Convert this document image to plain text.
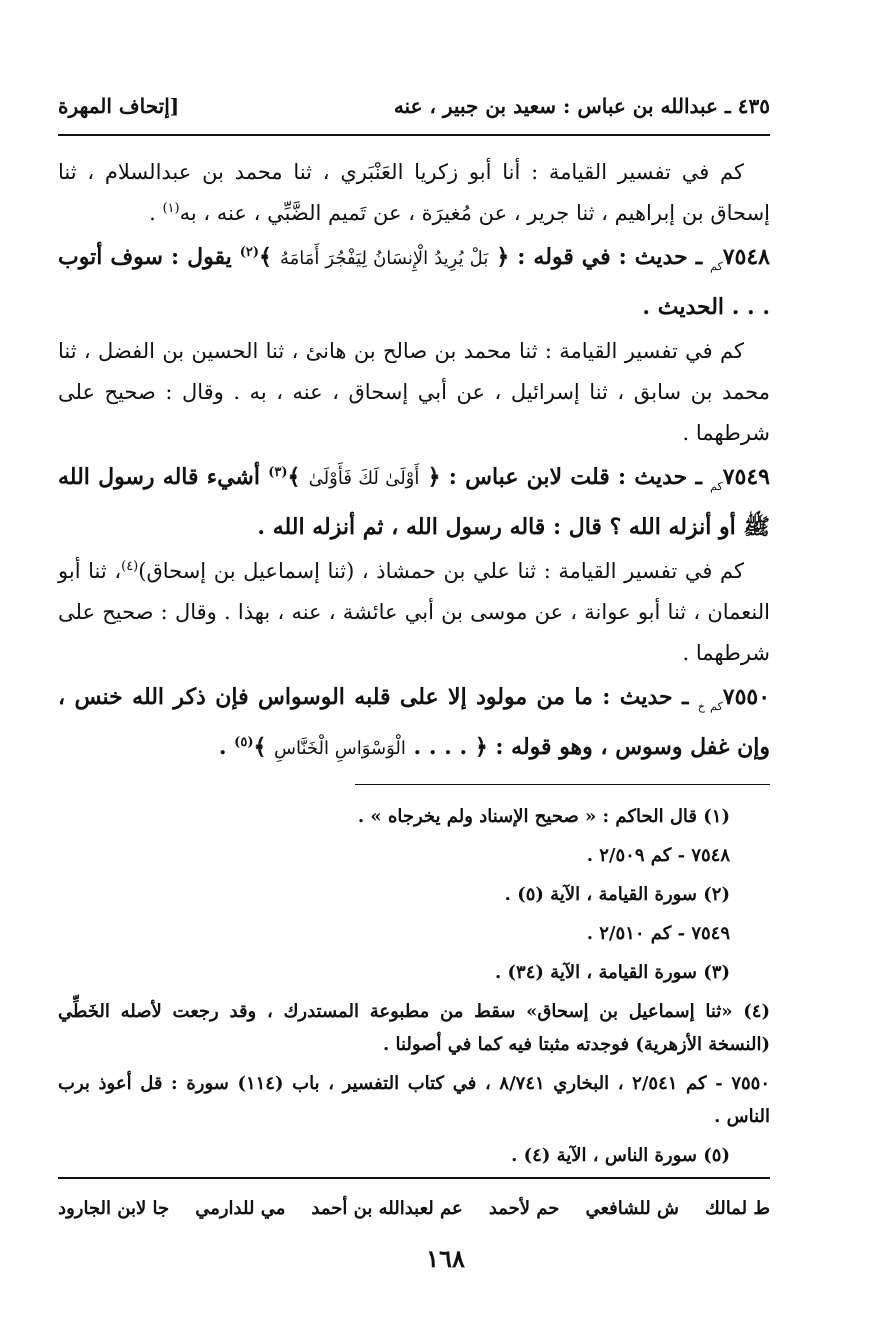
٤٣٥ ـ عبدالله بن عباس : سعيد بن جبير ، عنه
[إتحاف المهرة

كم في تفسير القيامة : أنا أبو زكريا العَنْبَري ، ثنا محمد بن عبدالسلام ، ثنا إسحاق بن إبراهيم ، ثنا جرير ، عن مُغيرَة ، عن تَميم الضَّبِّي ، عنه ، به$^{(١)}$ .

$٧٥٤٨_{كم}$ ـ حديث : في قوله : ﴿ بَلْ يُرِيدُ الْإِنسَانُ لِيَفْجُرَ أَمَامَهُ ﴾$^{(٢)}$ يقول : سوف أتوب . . . الحديث .

كم في تفسير القيامة : ثنا محمد بن صالح بن هانئ ، ثنا الحسين بن الفضل ، ثنا محمد بن سابق ، ثنا إسرائيل ، عن أبي إسحاق ، عنه ، به . وقال : صحيح على شرطهما .

$٧٥٤٩_{كم}$ ـ حديث : قلت لابن عباس : ﴿ أَوْلَىٰ لَكَ فَأَوْلَىٰ ﴾$^{(٣)}$ أشيء قاله رسول الله ﷺ أو أنزله الله ؟ قال : قاله رسول الله ، ثم أنزله الله .

كم في تفسير القيامة : ثنا علي بن حمشاذ ، (ثنا إسماعيل بن إسحاق)$^{(٤)}$، ثنا أبو النعمان ، ثنا أبو عوانة ، عن موسى بن أبي عائشة ، عنه ، بهذا . وقال : صحيح على شرطهما .

$٧٥٥٠_{كم خ}$ ـ حديث : ما من مولود إلا على قلبه الوسواس فإن ذكر الله خنس ، وإن غفل وسوس ، وهو قوله : ﴿ . . . . الْوَسْوَاسِ الْخَنَّاسِ ﴾$^{(٥)}$ .

(١) قال الحاكم : « صحيح الإسناد ولم يخرجاه » .

٧٥٤٨ - كم ٢/٥٠٩ .

(٢) سورة القيامة ، الآية (٥) .

٧٥٤٩ - كم ٢/٥١٠ .

(٣) سورة القيامة ، الآية (٣٤) .

(٤) «ثنا إسماعيل بن إسحاق» سقط من مطبوعة المستدرك ، وقد رجعت لأصله الخَطِّي (النسخة الأزهرية) فوجدته مثبتا فيه كما في أصولنا .

٧٥٥٠ - كم ٢/٥٤١ ، البخاري ٨/٧٤١ ، في كتاب التفسير ، باب (١١٤) سورة : قل أعوذ برب الناس .

(٥) سورة الناس ، الآية (٤) .

ط لمالك
ش للشافعي
حم لأحمد
عم لعبدالله بن أحمد
مي للدارمي
جا لابن الجارود
١٦٨
